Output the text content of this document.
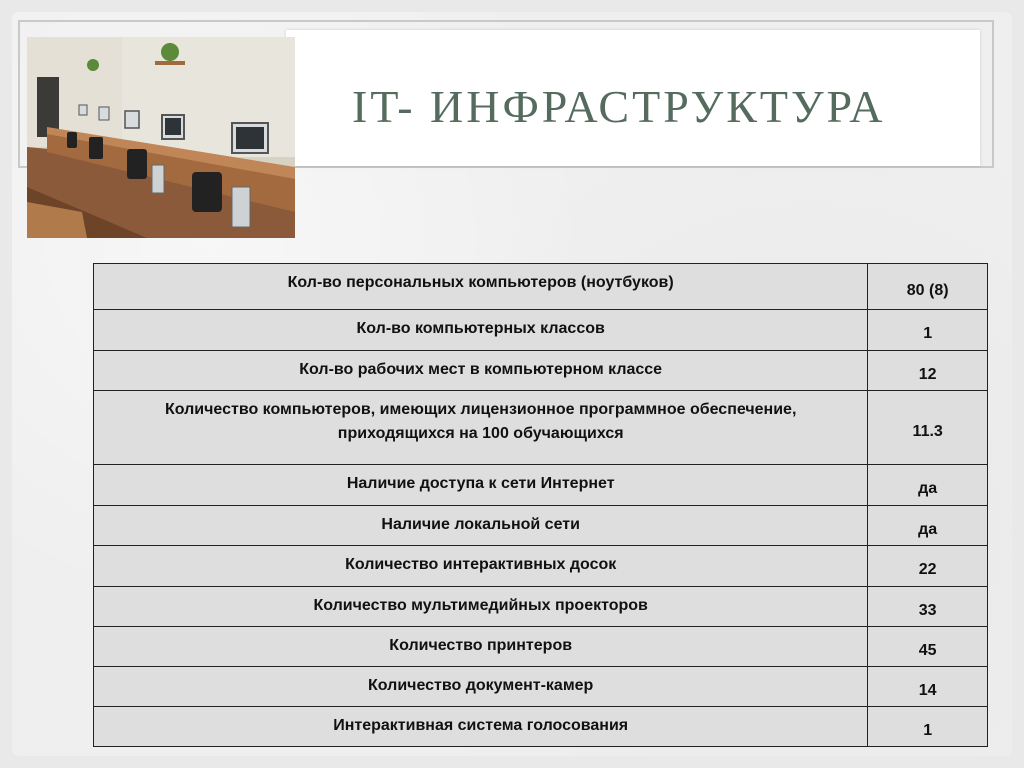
IT- ИНФРАСТРУКТУРА
Кол-во персональных компьютеров (ноутбуков)	80 (8)
Кол-во компьютерных классов	1
Кол-во рабочих мест в компьютерном классе	12
Количество компьютеров, имеющих лицензионное программное обеспечение, приходящихся на 100 обучающихся	11.3
Наличие доступа к сети Интернет	да
Наличие локальной сети	да
Количество интерактивных досок	22
Количество мультимедийных проекторов	33
Количество принтеров	45
Количество документ-камер	14
Интерактивная система голосования	1
